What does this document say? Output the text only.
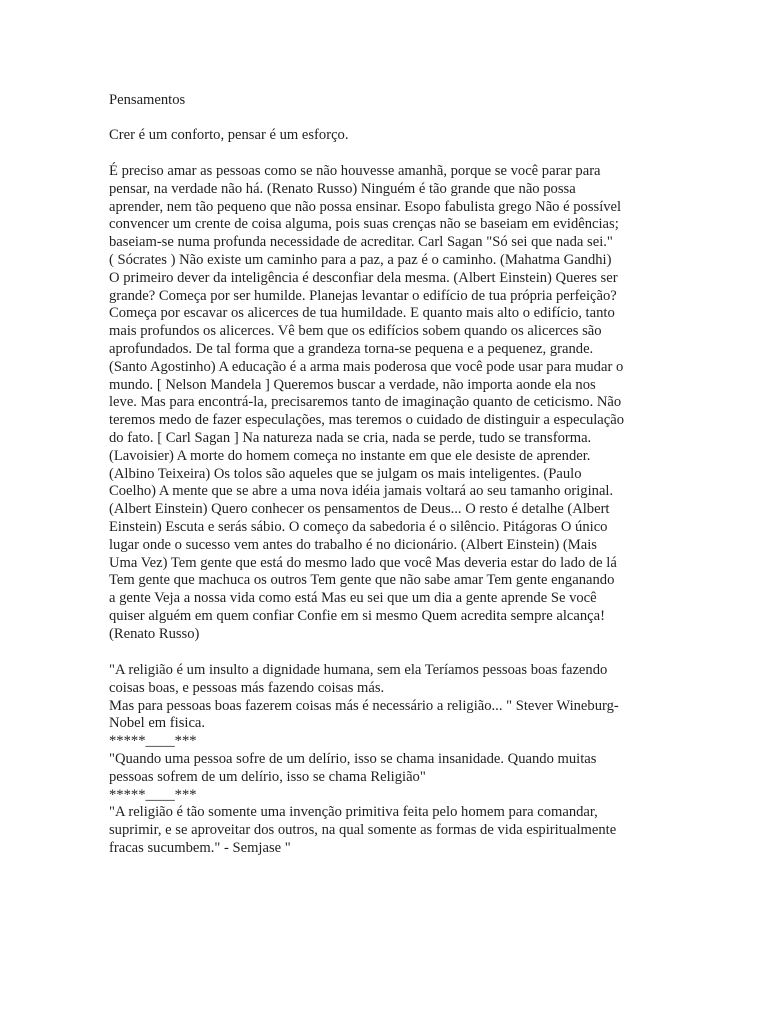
Pensamentos
Crer é um conforto, pensar é um esforço.
É preciso amar as pessoas como se não houvesse amanhã, porque se você parar para
pensar, na verdade não há. (Renato Russo) Ninguém é tão grande que não possa
aprender, nem tão pequeno que não possa ensinar. Esopo fabulista grego Não é possível
convencer um crente de coisa alguma, pois suas crenças não se baseiam em evidências;
baseiam-se numa profunda necessidade de acreditar. Carl Sagan "Só sei que nada sei."
( Sócrates ) Não existe um caminho para a paz, a paz é o caminho. (Mahatma Gandhi)
O primeiro dever da inteligência é desconfiar dela mesma. (Albert Einstein) Queres ser
grande? Começa por ser humilde. Planejas levantar o edifício de tua própria perfeição?
Começa por escavar os alicerces de tua humildade. E quanto mais alto o edifício, tanto
mais profundos os alicerces. Vê bem que os edifícios sobem quando os alicerces são
aprofundados. De tal forma que a grandeza torna-se pequena e a pequenez, grande.
(Santo Agostinho) A educação é a arma mais poderosa que você pode usar para mudar o
mundo. [ Nelson Mandela ] Queremos buscar a verdade, não importa aonde ela nos
leve. Mas para encontrá-la, precisaremos tanto de imaginação quanto de ceticismo. Não
teremos medo de fazer especulações, mas teremos o cuidado de distinguir a especulação
do fato. [ Carl Sagan ] Na natureza nada se cria, nada se perde, tudo se transforma.
(Lavoisier) A morte do homem começa no instante em que ele desiste de aprender.
(Albino Teixeira) Os tolos são aqueles que se julgam os mais inteligentes. (Paulo
Coelho) A mente que se abre a uma nova idéia jamais voltará ao seu tamanho original.
(Albert Einstein) Quero conhecer os pensamentos de Deus... O resto é detalhe (Albert
Einstein) Escuta e serás sábio. O começo da sabedoria é o silêncio. Pitágoras O único
lugar onde o sucesso vem antes do trabalho é no dicionário. (Albert Einstein) (Mais
Uma Vez) Tem gente que está do mesmo lado que você Mas deveria estar do lado de lá
Tem gente que machuca os outros Tem gente que não sabe amar Tem gente enganando
a gente Veja a nossa vida como está Mas eu sei que um dia a gente aprende Se você
quiser alguém em quem confiar Confie em si mesmo Quem acredita sempre alcança!
(Renato Russo)
"A religião é um insulto a dignidade humana, sem ela Teríamos pessoas boas fazendo
coisas boas, e pessoas más fazendo coisas más.
Mas para pessoas boas fazerem coisas más é necessário a religião... " Stever Wineburg-
Nobel em fisica.
*****____***
"Quando uma pessoa sofre de um delírio, isso se chama insanidade. Quando muitas
pessoas sofrem de um delírio, isso se chama Religião"
*****____***
"A religião é tão somente uma invenção primitiva feita pelo homem para comandar,
suprimir, e se aproveitar dos outros, na qual somente as formas de vida espiritualmente
fracas sucumbem." - Semjase "
